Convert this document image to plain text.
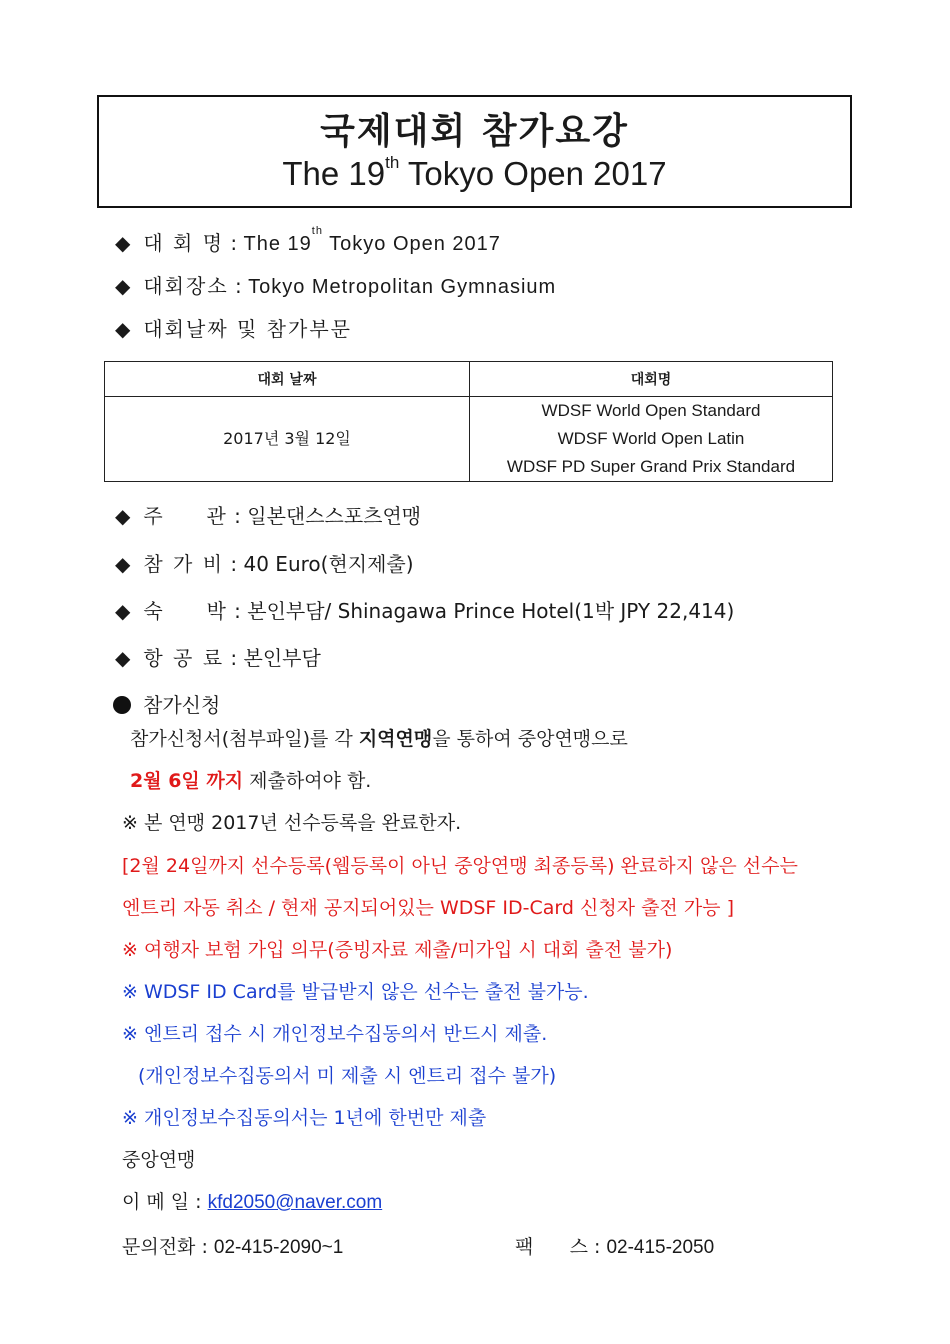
국제대회 참가요강
The 19th Tokyo Open 2017
◆ 대 회 명 : The 19th Tokyo Open 2017
◆ 대회장소 : Tokyo Metropolitan Gymnasium
◆ 대회날짜 및 참가부문
대회 날짜	대회명
2017년 3월 12일	WDSF World Open Standard
WDSF World Open Latin
WDSF PD Super Grand Prix Standard
◆ 주     관 : 일본댄스스포츠연맹
◆ 참 가 비 : 40 Euro(현지제출)
◆ 숙     박 : 본인부담/ Shinagawa Prince Hotel(1박 JPY 22,414)
◆ 항 공 료 : 본인부담
참가신청
참가신청서(첨부파일)를 각 지역연맹을 통하여 중앙연맹으로
2월 6일 까지 제출하여야 함.
※ 본 연맹 2017년 선수등록을 완료한자.
[2월 24일까지 선수등록(웹등록이 아닌 중앙연맹 최종등록) 완료하지 않은 선수는
엔트리 자동 취소 / 현재 공지되어있는 WDSF ID-Card 신청자 출전 가능 ]
※ 여행자 보험 가입 의무(증빙자료 제출/미가입 시 대회 출전 불가)
※ WDSF ID Card를 발급받지 않은 선수는 출전 불가능.
※ 엔트리 접수 시 개인정보수집동의서 반드시 제출.
(개인정보수집동의서 미 제출 시 엔트리 접수 불가)
※ 개인정보수집동의서는 1년에 한번만 제출
중앙연맹
이 메 일 : kfd2050@naver.com
문의전화 : 02-415-2090~1	팩      스 : 02-415-2050
